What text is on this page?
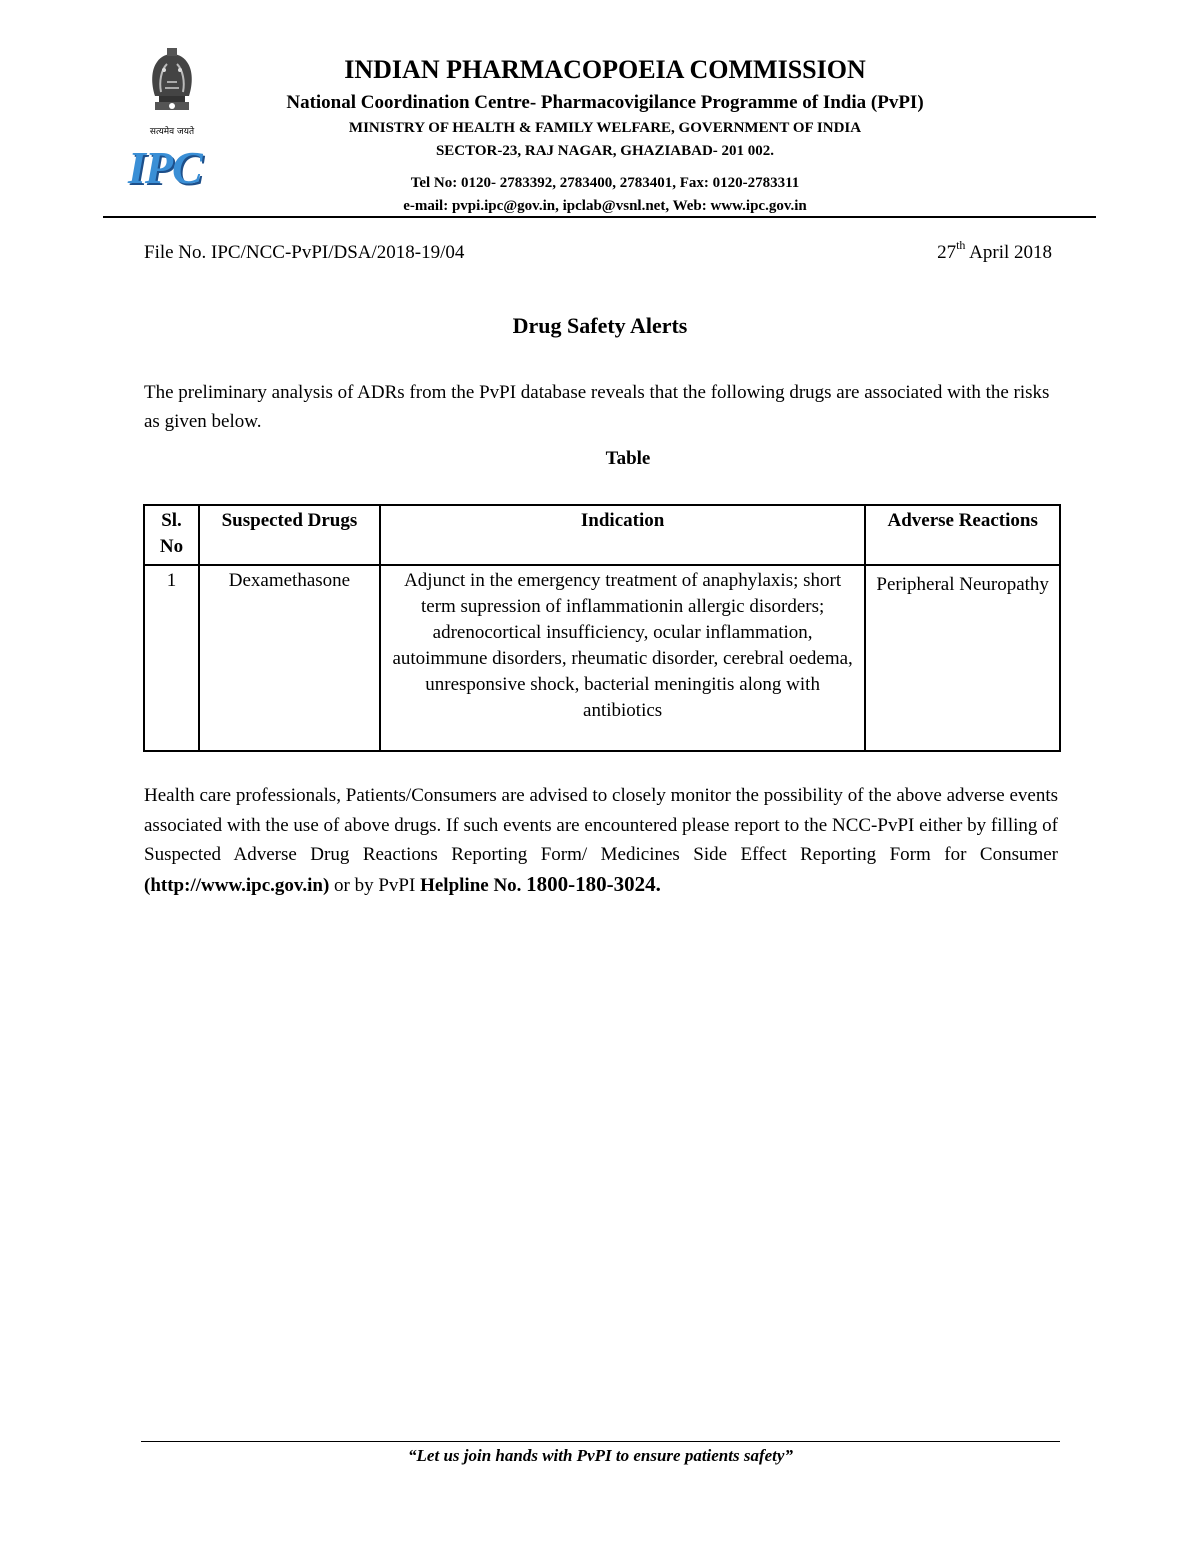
सत्यमेव जयते
IPC
INDIAN PHARMACOPOEIA COMMISSION
National Coordination Centre- Pharmacovigilance Programme of India (PvPI)
MINISTRY OF HEALTH & FAMILY WELFARE, GOVERNMENT OF INDIA
SECTOR-23, RAJ NAGAR, GHAZIABAD- 201 002.
Tel No: 0120- 2783392, 2783400, 2783401, Fax: 0120-2783311
e-mail: pvpi.ipc@gov.in, ipclab@vsnl.net, Web: www.ipc.gov.in
File No. IPC/NCC-PvPI/DSA/2018-19/04	27th April 2018
Drug Safety Alerts
The preliminary analysis of ADRs from the PvPI database reveals that the following drugs are associated with the risks as given below.
Table
Sl. No	Suspected Drugs	Indication	Adverse Reactions
1	Dexamethasone	Adjunct in the emergency treatment of anaphylaxis; short term supression of inflammationin allergic disorders; adrenocortical insufficiency, ocular inflammation, autoimmune disorders, rheumatic disorder, cerebral oedema, unresponsive shock, bacterial meningitis along with antibiotics	Peripheral Neuropathy
Health care professionals, Patients/Consumers are advised to closely monitor the possibility of the above adverse events associated with the use of above drugs. If such events are encountered please report to the NCC-PvPI either by filling of Suspected Adverse Drug Reactions Reporting Form/ Medicines Side Effect Reporting Form for Consumer (http://www.ipc.gov.in) or by PvPI Helpline No. 1800-180-3024.
“Let us join hands with PvPI to ensure patients safety”
